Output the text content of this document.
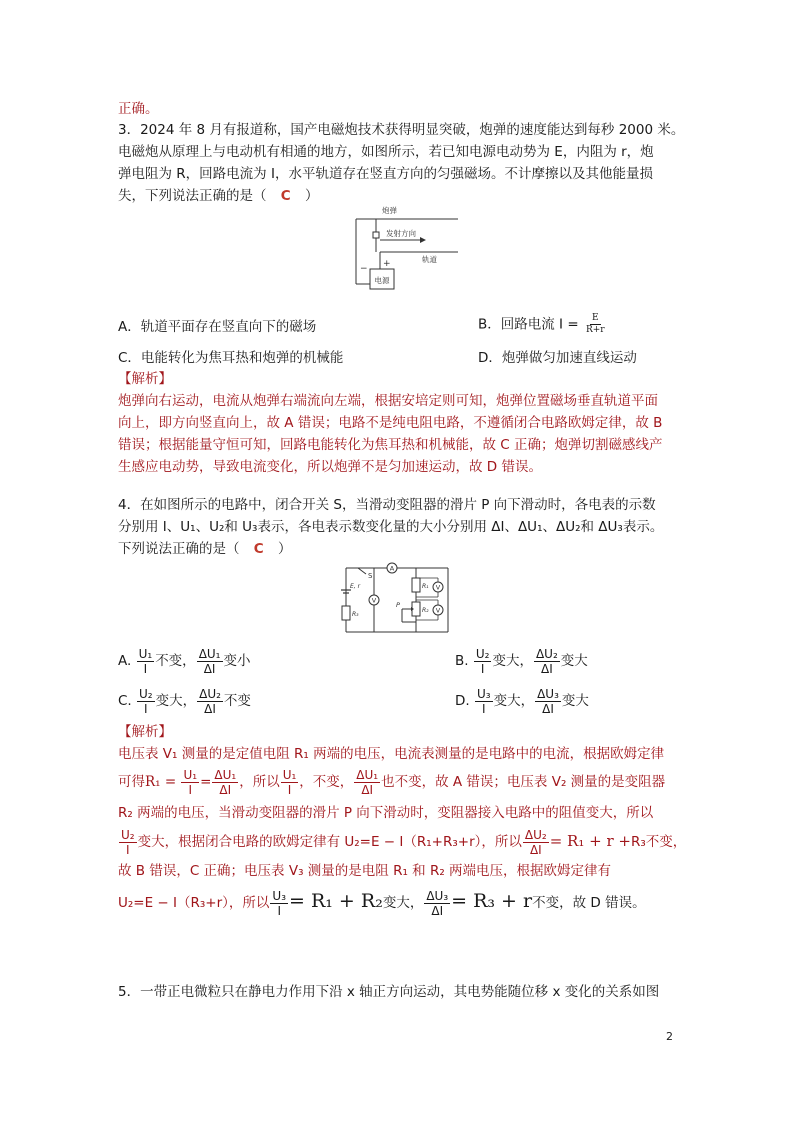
正确。
3．2024 年 8 月有报道称，国产电磁炮技术获得明显突破，炮弹的速度能达到每秒 2000 米。
电磁炮从原理上与电动机有相通的地方，如图所示，若已知电源电动势为 E，内阻为 r，炮
弹电阻为 R，回路电流为 I，水平轨道存在竖直方向的匀强磁场。不计摩擦以及其他能量损
失，下列说法正确的是（ C ）
电源
− +
炮弹
发射方向
轨道
A．轨道平面存在竖直向下的磁场	B．回路电流 $I = \frac{E}{R+r}$
C．电能转化为焦耳热和炮弹的机械能	D．炮弹做匀加速直线运动
【解析】
炮弹向右运动，电流从炮弹右端流向左端，根据安培定则可知，炮弹位置磁场垂直轨道平面
向上，即方向竖直向上，故 A 错误；电路不是纯电阻电路，不遵循闭合电路欧姆定律，故 B
错误；根据能量守恒可知，回路电能转化为焦耳热和机械能，故 C 正确；炮弹切割磁感线产
生感应电动势，导致电流变化，所以炮弹不是匀加速运动，故 D 错误。
4．在如图所示的电路中，闭合开关 S，当滑动变阻器的滑片 P 向下滑动时，各电表的示数
分别用 I、U₁、U₂和 U₃表示，各电表示数变化量的大小分别用 ΔI、ΔU₁、ΔU₂和 ΔU₃表示。
下列说法正确的是（ C ）
S
E, r
R₃
A
V
R₁
R₂
P
V
V
A. $\frac{\text{U₁}}{I}$ 不变， $\frac{\text{ΔU₁}}{\Delta I}$ 变小	B. $\frac{\text{U₂}}{I}$ 变大， $\frac{\text{ΔU₂}}{\Delta I}$ 变大
C. $\frac{\text{U₂}}{I}$ 变大， $\frac{\text{ΔU₂}}{\Delta I}$ 不变	D. $\frac{\text{U₃}}{I}$ 变大， $\frac{\text{ΔU₃}}{\Delta I}$ 变大
【解析】
电压表 V₁ 测量的是定值电阻 R₁ 两端的电压，电流表测量的是电路中的电流，根据欧姆定律
可得$R_1 = \frac{\text{U₁}}{I} = \frac{\text{ΔU₁}}{\Delta I}$ ，所以 $\frac{\text{U₁}}{I}$ ，不变， $\frac{\text{ΔU₁}}{\Delta I}$ 也不变，故 A 错误；电压表 V₂ 测量的是变阻器
R₂ 两端的电压，当滑动变阻器的滑片 P 向下滑动时，变阻器接入电路中的阻值变大，所以
$\frac{\text{U₂}}{I}$ 变大，根据闭合电路的欧姆定律有 U₂=E − I（R₁+R₃+r），所以 $\frac{\text{ΔU₂}}{\Delta I} = R_1 + r +R_3$不变，
故 B 错误，C 正确；电压表 V₃ 测量的是电阻 R₁ 和 R₂ 两端电压，根据欧姆定律有
U₂=E − I（R₃+r），所以 $\frac{\text{U₃}}{I} = R_1 + R_2$变大， $\frac{\text{ΔU₃}}{\Delta I} = R_3 + r$不变，故 D 错误。
5．一带正电微粒只在静电力作用下沿 x 轴正方向运动，其电势能随位移 x 变化的关系如图
2
